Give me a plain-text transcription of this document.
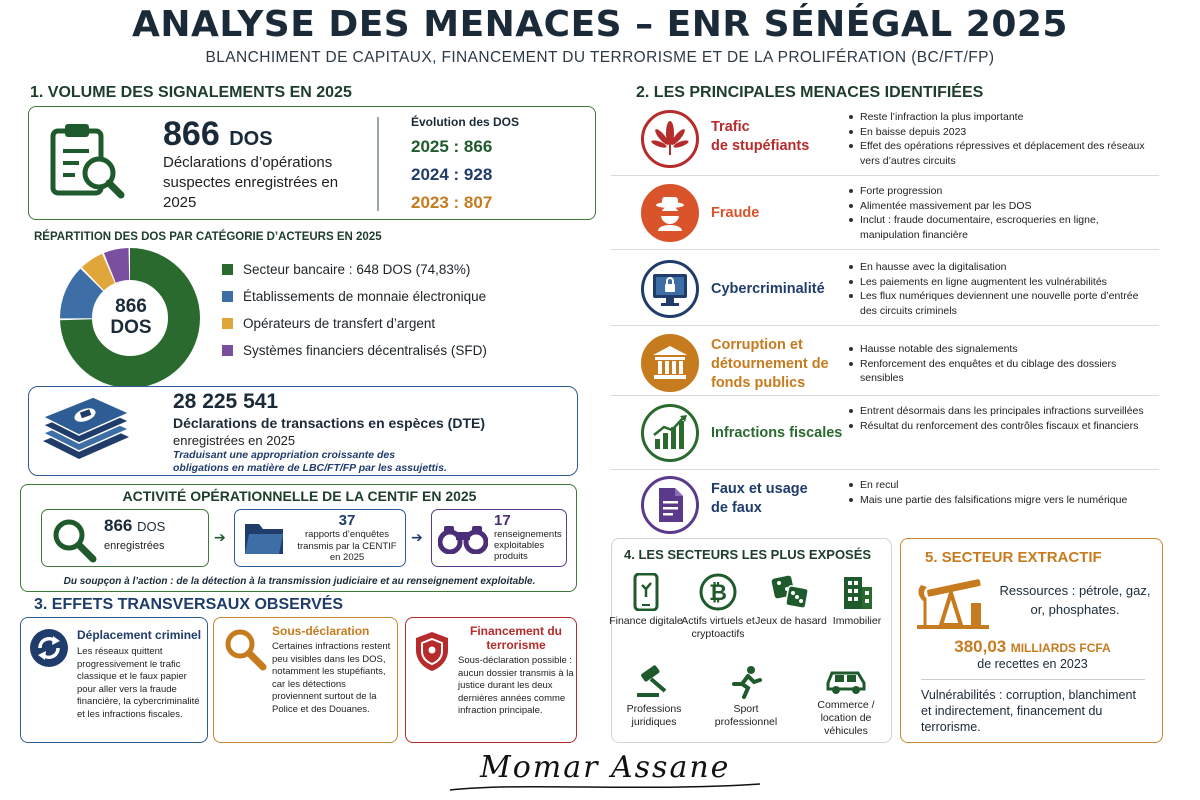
ANALYSE DES MENACES – ENR SÉNÉGAL 2025
BLANCHIMENT DE CAPITAUX, FINANCEMENT DU TERRORISME ET DE LA PROLIFÉRATION (BC/FT/FP)
1. VOLUME DES SIGNALEMENTS EN 2025
866 DOS
Déclarations d’opérations suspectes enregistrées en 2025
Évolution des DOS
2025 : 866
2024 : 928
2023 : 807
RÉPARTITION DES DOS PAR CATÉGORIE D’ACTEURS EN 2025
866
DOS
Secteur bancaire : 648 DOS (74,83%)
Établissements de monnaie électronique
Opérateurs de transfert d’argent
Systèmes financiers décentralisés (SFD)
28 225 541
Déclarations de transactions en espèces (DTE)
enregistrées en 2025
Traduisant une appropriation croissante des
obligations en matière de LBC/FT/FP par les assujettis.
ACTIVITÉ OPÉRATIONNELLE DE LA CENTIF EN 2025
866 DOS
enregistrées
➔
37
rapports d’enquêtes transmis par la CENTIF en 2025
➔
17
renseignements exploitables produits
Du soupçon à l’action : de la détection à la transmission judiciaire et au renseignement exploitable.
3. EFFETS TRANSVERSAUX OBSERVÉS
Déplacement criminel
Les réseaux quittent progressivement le trafic classique et le faux papier pour aller vers la fraude financière, la cybercriminalité et les infractions fiscales.
Sous-déclaration
Certaines infractions restent peu visibles dans les DOS, notamment les stupéfiants, car les détections proviennent surtout de la Police et des Douanes.
Financement du terrorisme
Sous-déclaration possible : aucun dossier transmis à la justice durant les deux dernières années comme infraction principale.
2. LES PRINCIPALES MENACES IDENTIFIÉES
Trafic
de stupéfiants
Reste l’infraction la plus importante
En baisse depuis 2023
Effet des opérations répressives et déplacement des réseaux vers d’autres circuits
Fraude
Forte progression
Alimentée massivement par les DOS
Inclut : fraude documentaire, escroqueries en ligne, manipulation financière
Cybercriminalité
En hausse avec la digitalisation
Les paiements en ligne augmentent les vulnérabilités
Les flux numériques deviennent une nouvelle porte d’entrée des circuits criminels
Corruption et
détournement de
fonds publics
Hausse notable des signalements
Renforcement des enquêtes et du ciblage des dossiers sensibles
Infractions fiscales
Entrent désormais dans les principales infractions surveillées
Résultat du renforcement des contrôles fiscaux et financiers
Faux et usage
de faux
En recul
Mais une partie des falsifications migre vers le numérique
4. LES SECTEURS LES PLUS EXPOSÉS
Finance digitale
₿
Actifs virtuels et cryptoactifs
Jeux de hasard Immobilier
Professions juridiques
Sport professionnel
Commerce / location de véhicules
5. SECTEUR EXTRACTIF
Ressources : pétrole, gaz, or, phosphates.
380,03 MILLIARDS FCFA
de recettes en 2023
Vulnérabilités : corruption, blanchiment et indirectement, financement du terrorisme.
Momar Assane
